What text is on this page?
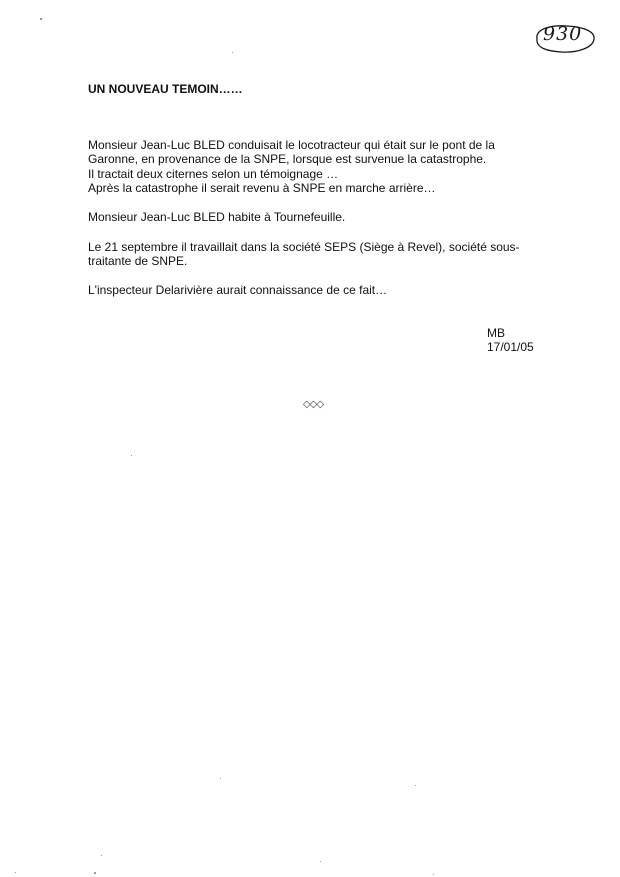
930
UN NOUVEAU TEMOIN……

Monsieur Jean-Luc BLED conduisait le locotracteur qui était sur le pont de la
Garonne, en provenance de la SNPE, lorsque est survenue la catastrophe.
Il tractait deux citernes selon un témoignage …
Après la catastrophe il serait revenu à SNPE en marche arrière…

Monsieur Jean-Luc BLED habite à Tournefeuille.

Le 21 septembre il travaillait dans la société SEPS (Siège à Revel), société sous-
traitante de SNPE.

L'inspecteur Delarivière aurait connaissance de ce fait…

MB
17/01/05
◇◇◇
